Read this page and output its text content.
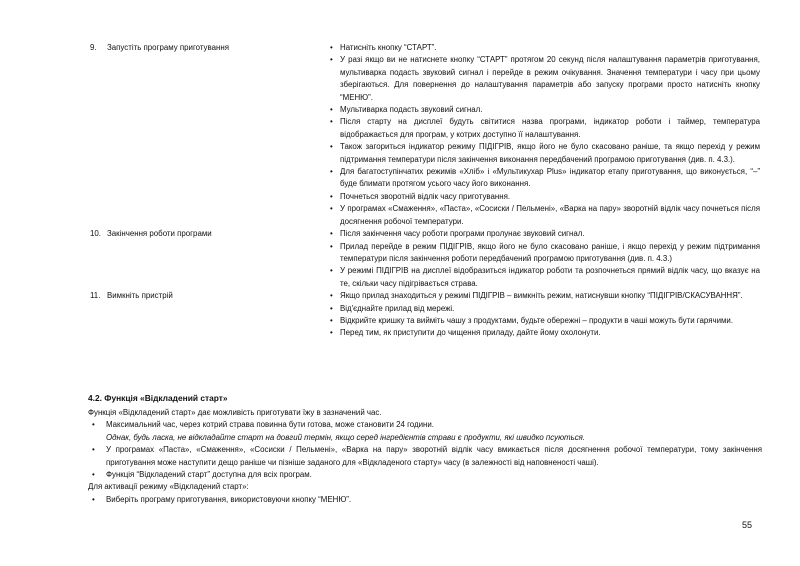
9.	Запустіть програму приготування	• Натисніть кнопку “СТАРТ”.
• У разі якщо ви не натиснете кнопку “СТАРТ” протягом 20 секунд після налаштування параметрів приготування, мультиварка подасть звуковий сигнал і перейде в режим очікування. Значення температури і часу при цьому зберігаються. Для повернення до налаштування параметрів або запуску програми просто натисніть кнопку “МЕНЮ”.
• Мультиварка подасть звуковий сигнал.
• Після старту на дисплеї будуть світитися назва програми, індикатор роботи і таймер, температура відображається для програм, у котрих доступно її налаштування.
• Також загориться індикатор режиму ПІДІГРІВ, якщо його не було скасовано раніше, та якщо перехід у режим підтримання температури після закінчення виконання передбачений програмою приготування (див. п. 4.3.).
• Для багатоступінчатих режимів «Хліб» і «Мультикухар Plus» індикатор етапу приготування, що виконується, “–” буде блимати протягом усього часу його виконання.
• Почнеться зворотній відлік часу приготування.
• У програмах «Смаження», «Паста», «Сосиски / Пельмені», «Варка на пару» зворотній відлік часу почнеться після досягнення робочої температури.
10. Закінчення роботи програми	• Після закінчення часу роботи програми пролунає звуковий сигнал.
• Прилад перейде в режим ПІДІГРІВ, якщо його не було скасовано раніше, і якщо перехід у режим підтримання температури після закінчення роботи передбачений програмою приготування (див. п. 4.3.)
• У режимі ПІДІГРІВ на дисплеї відобразиться індикатор роботи та розпочнеться прямий відлік часу, що вказує на те, скільки часу підігрівається страва.
11. Вимкніть пристрій	• Якщо прилад знаходиться у режимі ПІДІГРІВ – вимкніть режим, натиснувши кнопку “ПІДІГРІВ/СКАСУВАННЯ”.
• Від'єднайте прилад від мережі.
• Відкрийте кришку та вийміть чашу з продуктами, будьте обережні – продукти в чаші можуть бути гарячими.
• Перед тим, як приступити до чищення приладу, дайте йому охолонути.
4.2. Функція «Відкладений старт»

Функція «Відкладений старт» дає можливість приготувати їжу в зазначений час.

• Максимальний час, через котрий страва повинна бути готова, може становити 24 години.
Однак, будь ласка, не відкладайте старт на довгий термін, якщо серед інгредієнтів страви є продукти, які швидко псуються.
• У програмах «Паста», «Смаження», «Сосиски / Пельмені», «Варка на пару» зворотній відлік часу вмикається після досягнення робочої температури, тому закінчення приготування може наступити дещо раніше чи пізніше заданого для «Відкладеного старту» часу (в залежності від наповненості чаші).
• Функція “Відкладений старт” доступна для всіх програм.

Для активації режиму «Відкладений старт»:

• Виберіть програму приготування, використовуючи кнопку “МЕНЮ”.
55
